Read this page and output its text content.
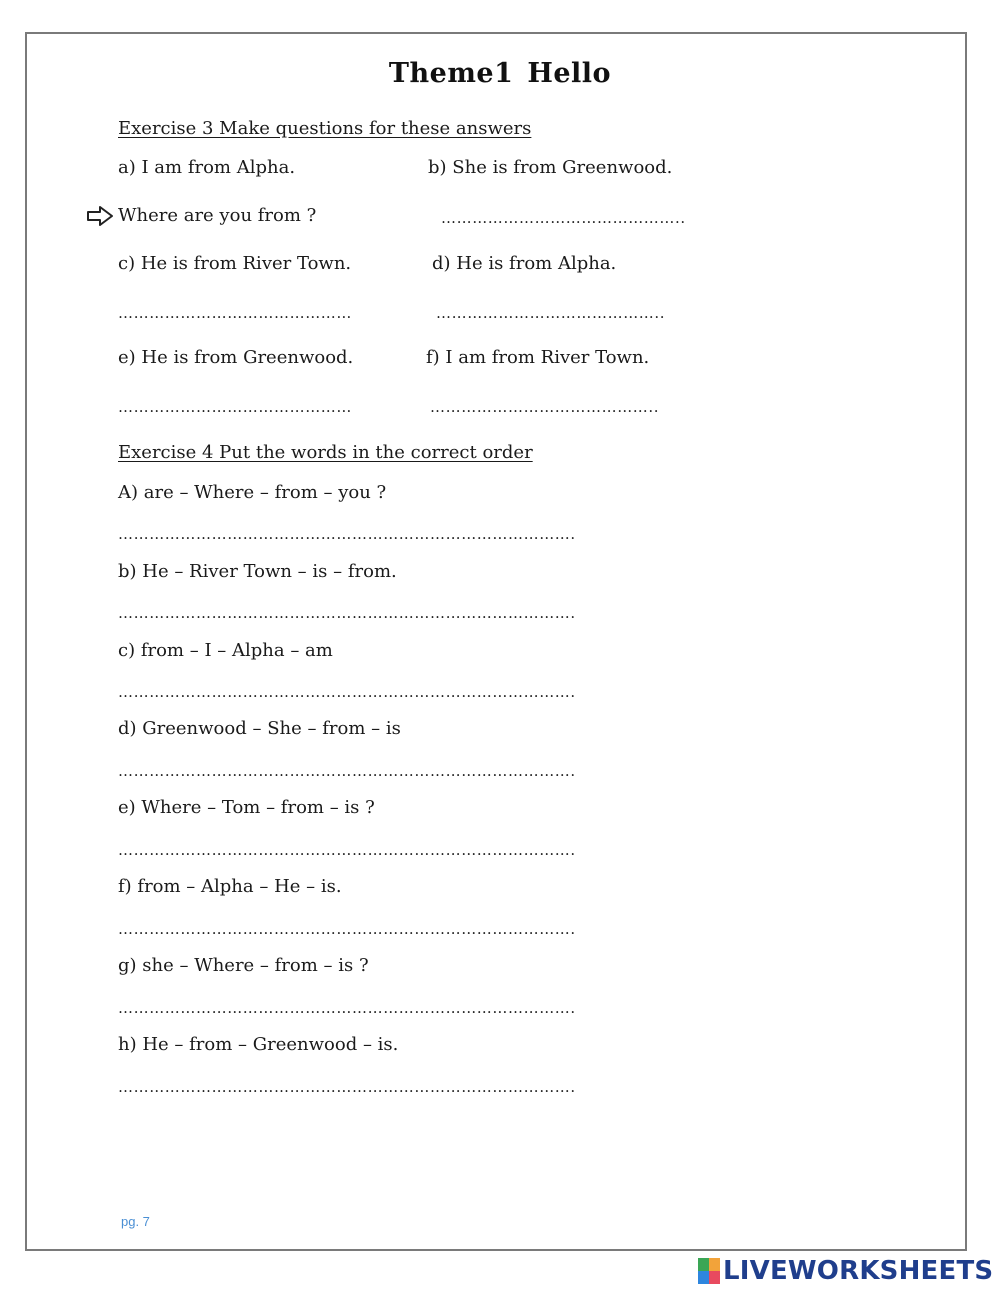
Theme1 Hello
Exercise 3 Make questions for these answers
a) I am from Alpha.	b) She is from Greenwood.
Where are you from ?	………………………………………..
c) He is from River Town.	d) He is from Alpha.
………………………………………	……………………………………..
e) He is from Greenwood.	f) I am from River Town.
………………………………………	……………………………………..
Exercise 4 Put the words in the correct order
A) are – Where – from – you ?
…………………………………………………………………………….
b) He – River Town – is – from.
…………………………………………………………………………….
c) from – I – Alpha – am
…………………………………………………………………………….
d) Greenwood – She – from – is
…………………………………………………………………………….
e) Where – Tom – from – is ?
…………………………………………………………………………….
f) from – Alpha – He – is.
…………………………………………………………………………….
g) she – Where – from – is ?
…………………………………………………………………………….
h) He – from – Greenwood – is.
…………………………………………………………………………….
pg. 7
LIVEWORKSHEETS
